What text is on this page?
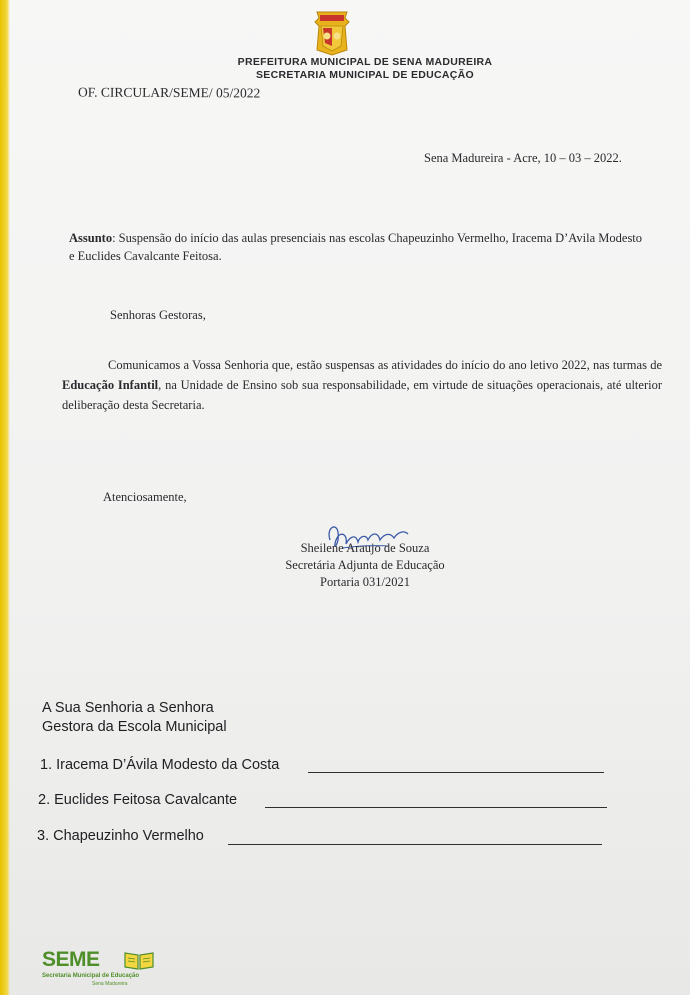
PREFEITURA MUNICIPAL DE SENA MADUREIRA
SECRETARIA MUNICIPAL DE EDUCAÇÃO
OF. CIRCULAR/SEME/ 05/2022
Sena Madureira - Acre, 10 – 03 – 2022.
Assunto: Suspensão do início das aulas presenciais nas escolas Chapeuzinho Vermelho, Iracema D’Avila Modesto e Euclides Cavalcante Feitosa.
Senhoras Gestoras,
Comunicamos a Vossa Senhoria que, estão suspensas as atividades do início do ano letivo 2022, nas turmas de Educação Infantil, na Unidade de Ensino sob sua responsabilidade, em virtude de situações operacionais, até ulterior deliberação desta Secretaria.
Atenciosamente,
Sheilene Araujo de Souza
Secretária Adjunta de Educação
Portaria 031/2021
A Sua Senhoria a Senhora
Gestora da Escola Municipal
1. Iracema D’Ávila Modesto da Costa
2. Euclides Feitosa Cavalcante
3. Chapeuzinho Vermelho
SEME
Secretaria Municipal de Educação
Sena Madureira
